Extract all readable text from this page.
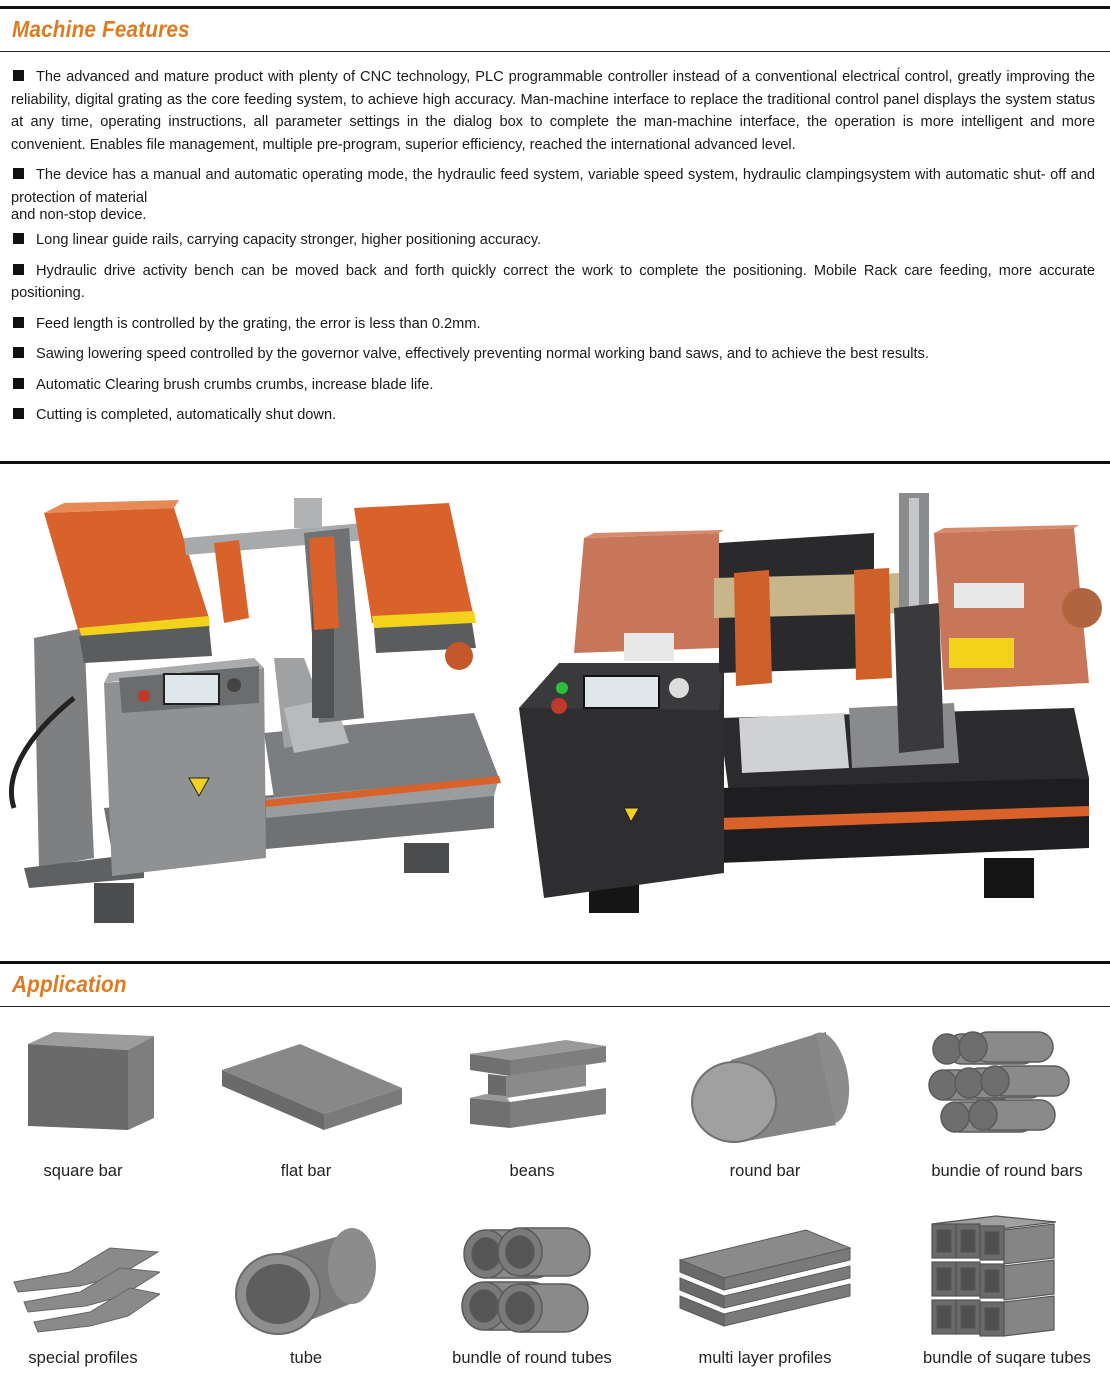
Machine Features

The advanced and mature product with plenty of CNC technology, PLC programmable controller instead of a conventional electricaĺ control, greatly improving the reliability, digital grating as the core feeding system, to achieve high accuracy. Man-machine interface to replace the traditional control panel displays the system status at any time, operating instructions, all parameter settings in the dialog box to complete the man-machine interface, the operation is more intelligent and more convenient. Enables file management, multiple pre-program, superior efficiency, reached the international advanced level.

The device has a manual and automatic operating mode, the hydraulic feed system, variable speed system, hydraulic clampingsystem with automatic shut- off and protection of material
and non-stop device.

Long linear guide rails, carrying capacity stronger, higher positioning accuracy.

Hydraulic drive activity bench can be moved back and forth quickly correct the work to complete the positioning. Mobile Rack care feeding, more accurate positioning.

Feed length is controlled by the grating, the error is less than 0.2mm.

Sawing lowering speed controlled by the governor valve, effectively preventing normal working band saws, and to achieve the best results.

Automatic Clearing brush crumbs crumbs, increase blade life.

Cutting is completed, automatically shut down.

Application
square bar	flat bar	beans	round bar	bundie of round bars
special profiles	tube	bundle of round tubes	multi layer profiles	bundle of suqare tubes
